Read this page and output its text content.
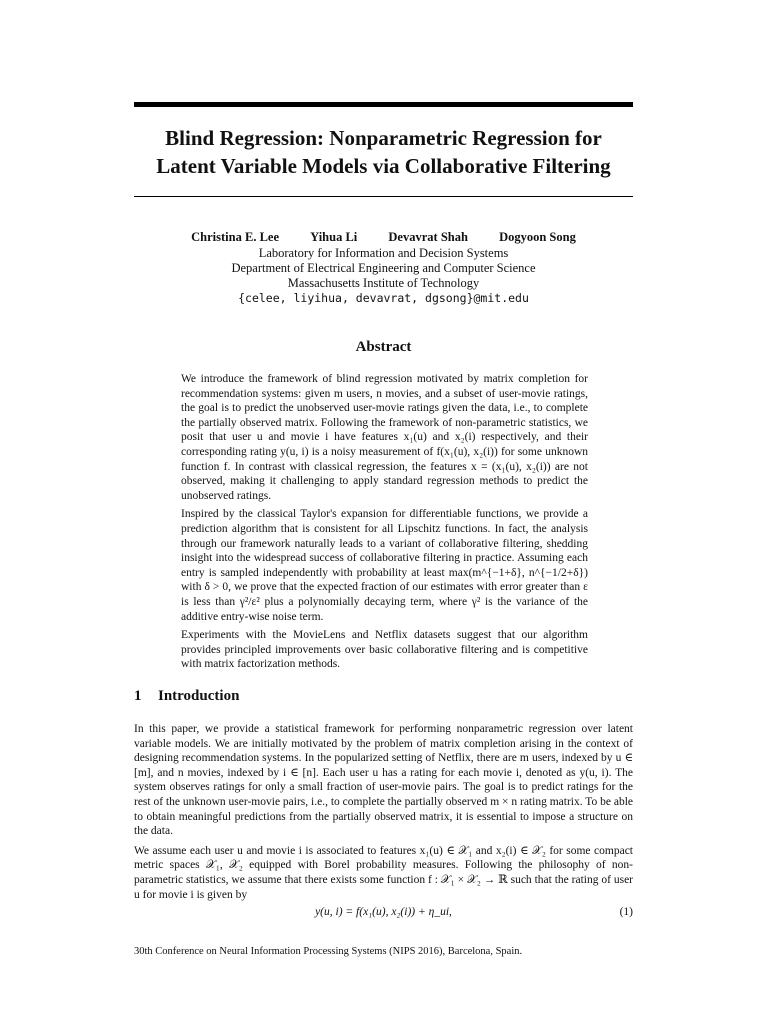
Blind Regression: Nonparametric Regression for
Latent Variable Models via Collaborative Filtering
Christina E. Lee Yihua Li Devavrat Shah Dogyoon Song
Laboratory for Information and Decision Systems
Department of Electrical Engineering and Computer Science
Massachusetts Institute of Technology
{celee, liyihua, devavrat, dgsong}@mit.edu
Abstract

We introduce the framework of blind regression motivated by matrix completion for recommendation systems: given m users, n movies, and a subset of user-movie ratings, the goal is to predict the unobserved user-movie ratings given the data, i.e., to complete the partially observed matrix. Following the framework of non-parametric statistics, we posit that user u and movie i have features x₁(u) and x₂(i) respectively, and their corresponding rating y(u, i) is a noisy measurement of f(x₁(u), x₂(i)) for some unknown function f. In contrast with classical regression, the features x = (x₁(u), x₂(i)) are not observed, making it challenging to apply standard regression methods to predict the unobserved ratings.

Inspired by the classical Taylor's expansion for differentiable functions, we provide a prediction algorithm that is consistent for all Lipschitz functions. In fact, the analysis through our framework naturally leads to a variant of collaborative filtering, shedding insight into the widespread success of collaborative filtering in practice. Assuming each entry is sampled independently with probability at least max(m^{−1+δ}, n^{−1/2+δ}) with δ > 0, we prove that the expected fraction of our estimates with error greater than ε is less than γ²/ε² plus a polynomially decaying term, where γ² is the variance of the additive entry-wise noise term.

Experiments with the MovieLens and Netflix datasets suggest that our algorithm provides principled improvements over basic collaborative filtering and is competitive with matrix factorization methods.

1 Introduction

In this paper, we provide a statistical framework for performing nonparametric regression over latent variable models. We are initially motivated by the problem of matrix completion arising in the context of designing recommendation systems. In the popularized setting of Netflix, there are m users, indexed by u ∈ [m], and n movies, indexed by i ∈ [n]. Each user u has a rating for each movie i, denoted as y(u, i). The system observes ratings for only a small fraction of user-movie pairs. The goal is to predict ratings for the rest of the unknown user-movie pairs, i.e., to complete the partially observed m × n rating matrix. To be able to obtain meaningful predictions from the partially observed matrix, it is essential to impose a structure on the data.

We assume each user u and movie i is associated to features x₁(u) ∈ 𝒳₁ and x₂(i) ∈ 𝒳₂ for some compact metric spaces 𝒳₁, 𝒳₂ equipped with Borel probability measures. Following the philosophy of non-parametric statistics, we assume that there exists some function f : 𝒳₁ × 𝒳₂ → ℝ such that the rating of user u for movie i is given by

y(u, i) = f(x₁(u), x₂(i)) + η_ui,	(1)
30th Conference on Neural Information Processing Systems (NIPS 2016), Barcelona, Spain.
